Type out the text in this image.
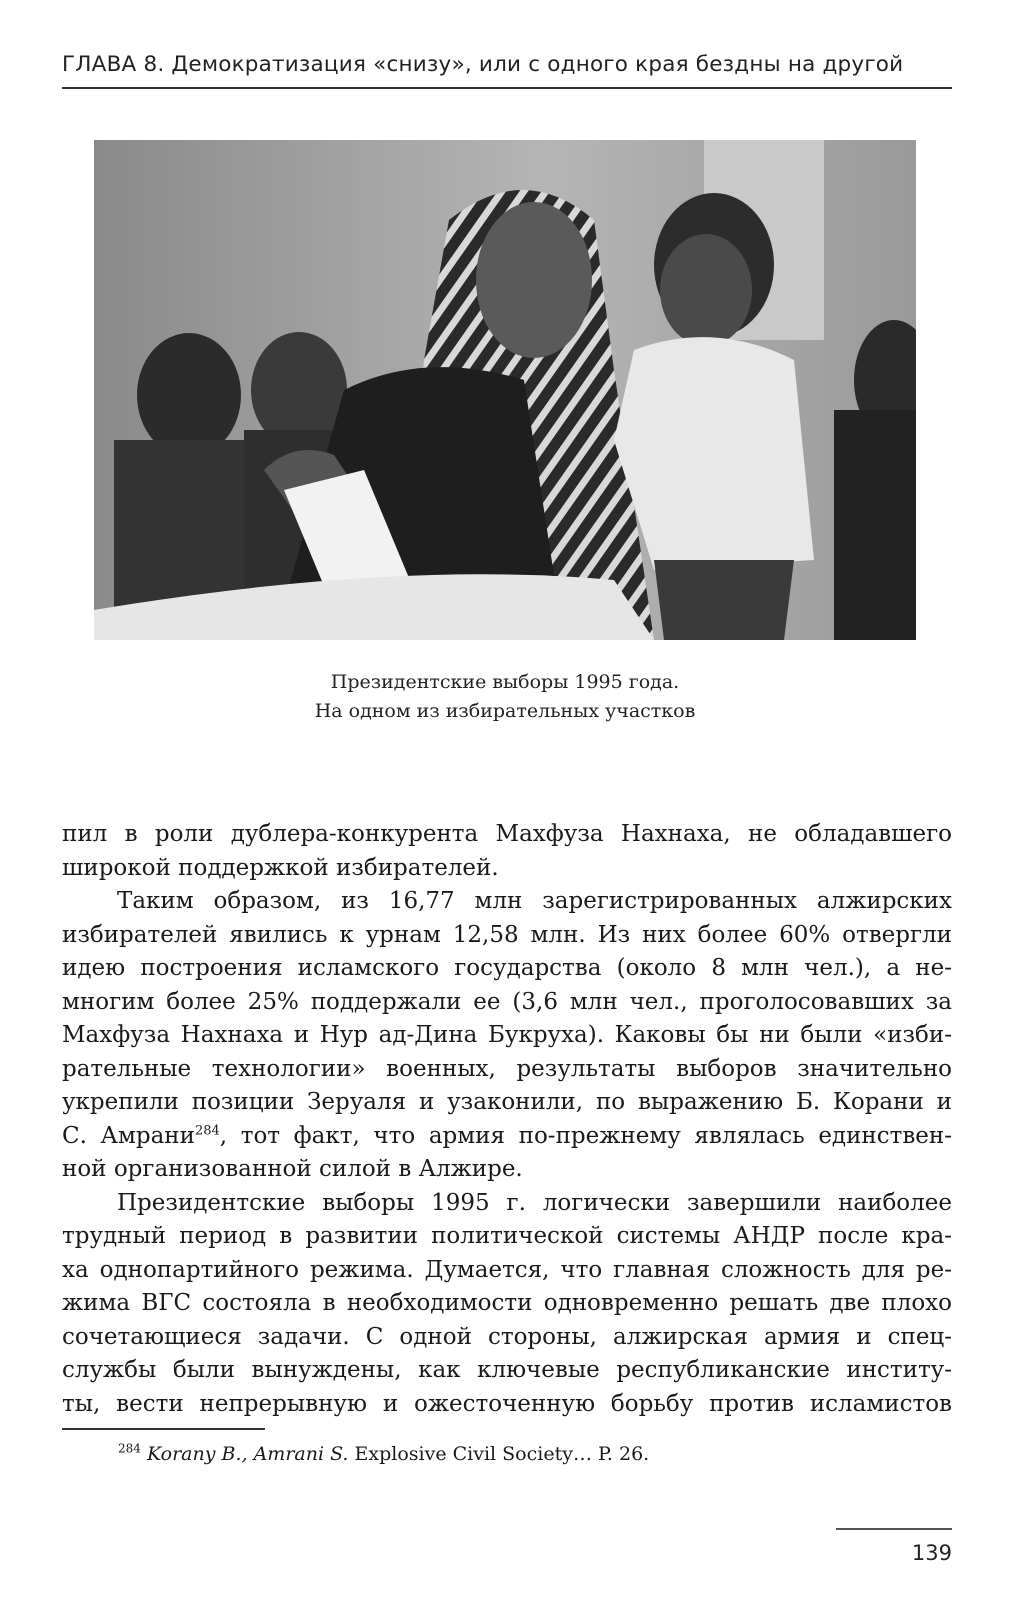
ГЛАВА 8. Демократизация «снизу», или с одного края бездны на другой
Президентские выборы 1995 года.
На одном из избирательных участков
пил в роли дублера-конкурента Махфуза Нахнаха, не обладавшего
широкой поддержкой избирателей.
Таким образом, из 16,77 млн зарегистрированных алжирских
избирателей явились к урнам 12,58 млн. Из них более 60% отвергли
идею построения исламского государства (около 8 млн чел.), а не-
многим более 25% поддержали ее (3,6 млн чел., проголосовавших за
Махфуза Нахнаха и Нур ад-Дина Букруха). Каковы бы ни были «изби-
рательные технологии» военных, результаты выборов значительно
укрепили позиции Зеруаля и узаконили, по выражению Б. Корани и
С. Амрани$^{284}$, тот факт, что армия по-прежнему являлась единствен-
ной организованной силой в Алжире.
Президентские выборы 1995 г. логически завершили наиболее
трудный период в развитии политической системы АНДР после кра-
ха однопартийного режима. Думается, что главная сложность для ре-
жима ВГС состояла в необходимости одновременно решать две плохо
сочетающиеся задачи. С одной стороны, алжирская армия и спец-
службы были вынуждены, как ключевые республиканские институ-
ты, вести непрерывную и ожесточенную борьбу против исламистов
$^{284}$ Korany B., Amrani S. Explosive Civil Society… P. 26.
139
